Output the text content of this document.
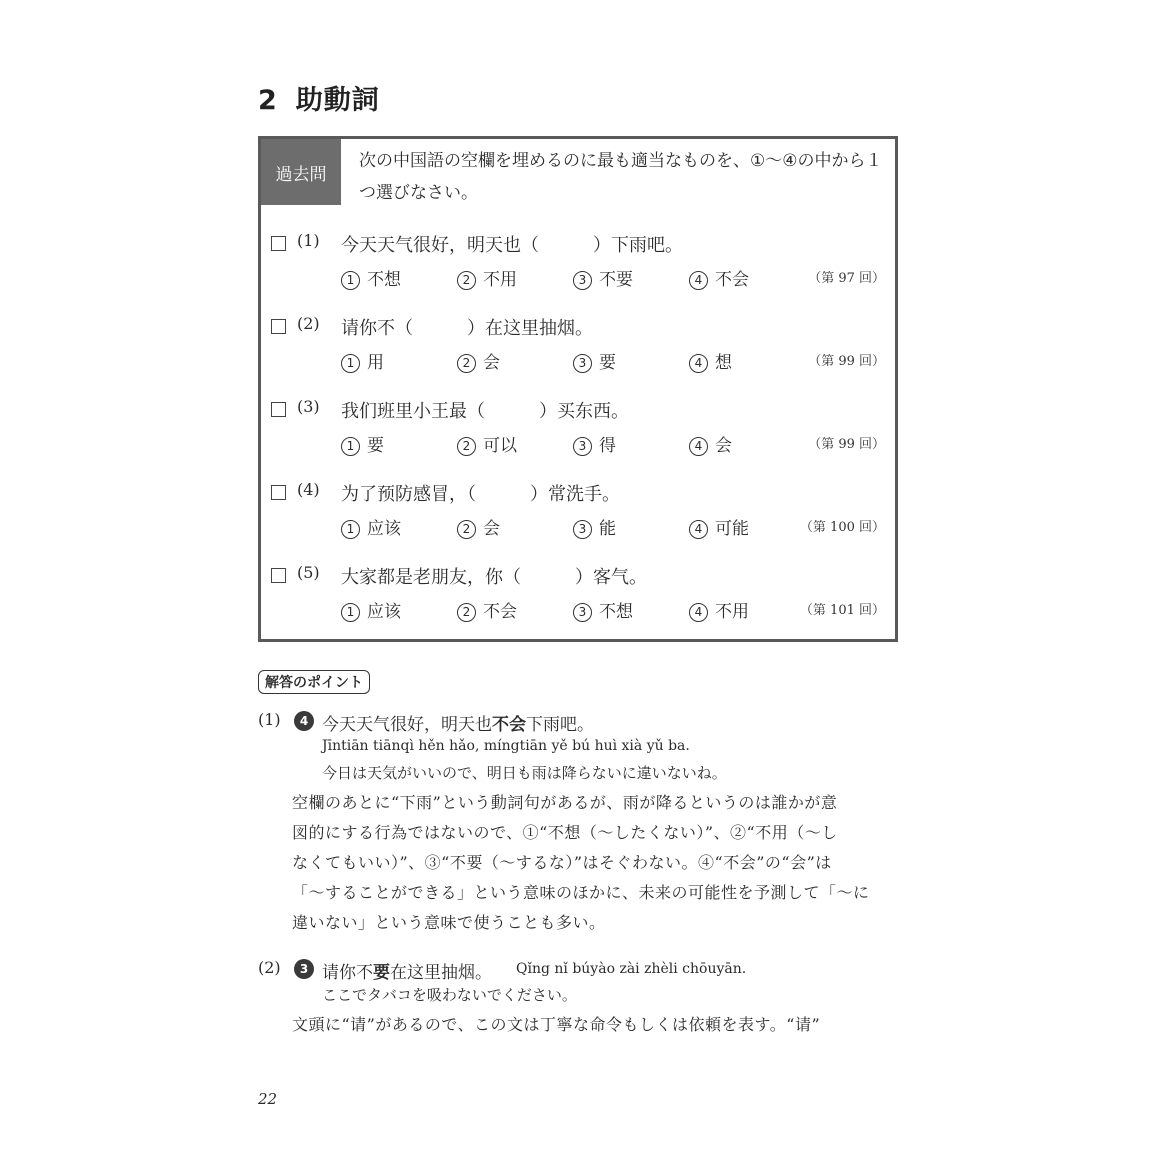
2 助動詞
過去問
次の中国語の空欄を埋めるのに最も適当なものを、①～④の中から１つ選びなさい。
(1) 今天天气很好，明天也（　　　）下雨吧。
1 不想	2 不用	3 不要	4 不会	（第 97 回）
(2) 请你不（　　　）在这里抽烟。
1 用	2 会	3 要	4 想	（第 99 回）
(3) 我们班里小王最（　　　）买东西。
1 要	2 可以	3 得	4 会	（第 99 回）
(4) 为了预防感冒，（　　　）常洗手。
1 应该	2 会	3 能	4 可能	（第 100 回）
(5) 大家都是老朋友，你（　　　）客气。
1 应该	2 不会	3 不想	4 不用	（第 101 回）
解答のポイント
(1)	4 今天天气很好，明天也不会下雨吧。
Jīntiān tiānqì hěn hǎo, míngtiān yě bú huì xià yǔ ba.
今日は天気がいいので、明日も雨は降らないに違いないね。
空欄のあとに“下雨”という動詞句があるが、雨が降るというのは誰かが意
図的にする行為ではないので、①“不想（～したくない）”、②“不用（～し
なくてもいい）”、③“不要（～するな）”はそぐわない。④“不会”の“会”は
「～することができる」という意味のほかに、未来の可能性を予測して「～に
違いない」という意味で使うことも多い。
(2)	3 请你不要在这里抽烟。 Qǐng nǐ búyào zài zhèli chōuyān.
ここでタバコを吸わないでください。
文頭に“请”があるので、この文は丁寧な命令もしくは依頼を表す。“请”
22
